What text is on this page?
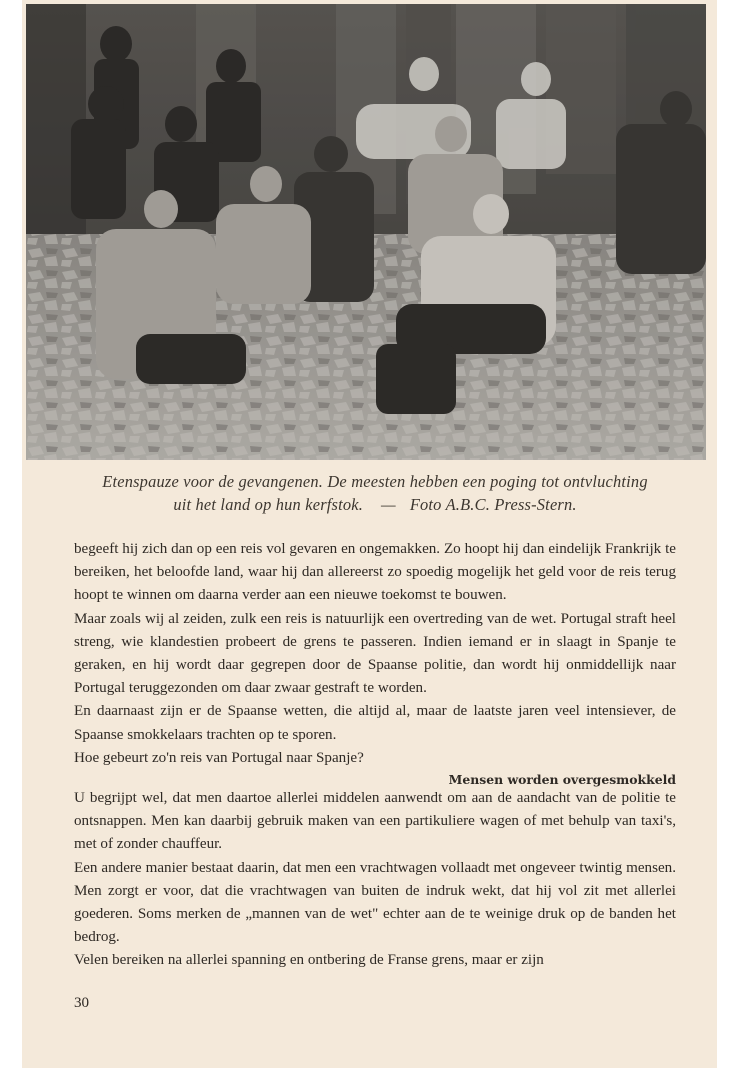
Etenspauze voor de gevangenen. De meesten hebben een poging tot ontvluchting
uit het land op hun kerfstok. — Foto A.B.C. Press-Stern.

begeeft hij zich dan op een reis vol gevaren en ongemakken. Zo hoopt hij dan eindelijk Frankrijk te bereiken, het beloofde land, waar hij dan allereerst zo spoedig mogelijk het geld voor de reis terug hoopt te winnen om daarna verder aan een nieuwe toekomst te bouwen.

Maar zoals wij al zeiden, zulk een reis is natuurlijk een overtreding van de wet. Portugal straft heel streng, wie klandestien probeert de grens te passeren. Indien iemand er in slaagt in Spanje te geraken, en hij wordt daar gegrepen door de Spaanse politie, dan wordt hij onmiddellijk naar Portugal teruggezonden om daar zwaar gestraft te worden.

En daarnaast zijn er de Spaanse wetten, die altijd al, maar de laatste jaren veel intensiever, de Spaanse smokkelaars trachten op te sporen.

Hoe gebeurt zo'n reis van Portugal naar Spanje?

Mensen worden overgesmokkeld

U begrijpt wel, dat men daartoe allerlei middelen aanwendt om aan de aandacht van de politie te ontsnappen. Men kan daarbij gebruik maken van een partikuliere wagen of met behulp van taxi's, met of zonder chauffeur.

Een andere manier bestaat daarin, dat men een vrachtwagen vollaadt met ongeveer twintig mensen. Men zorgt er voor, dat die vrachtwagen van buiten de indruk wekt, dat hij vol zit met allerlei goederen. Soms merken de „mannen van de wet" echter aan de te weinige druk op de banden het bedrog.

Velen bereiken na allerlei spanning en ontbering de Franse grens, maar er zijn

30
